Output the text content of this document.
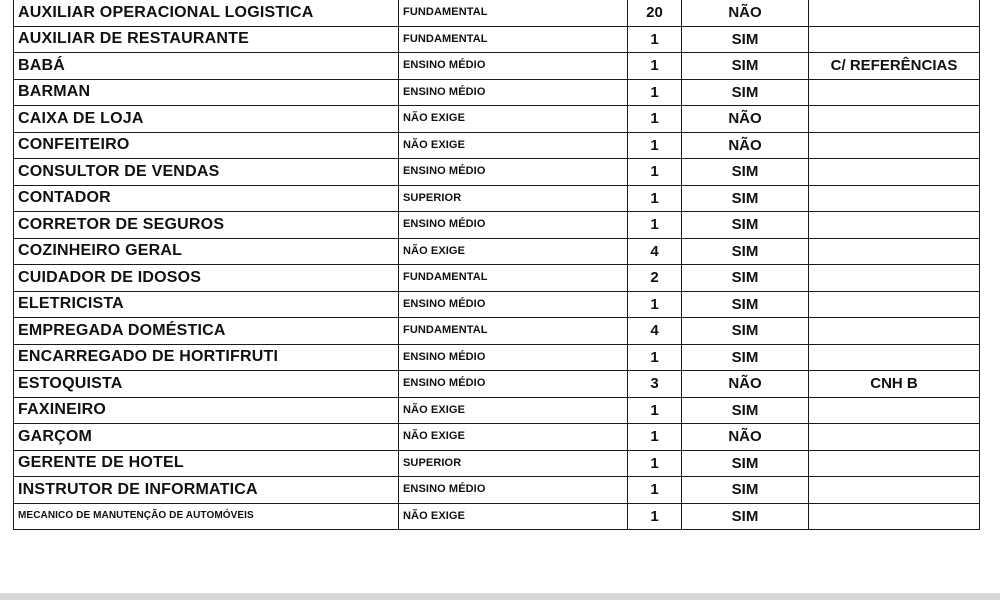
AUXILIAR OPERACIONAL LOGISTICA	FUNDAMENTAL	20	NÃO	
AUXILIAR DE RESTAURANTE	FUNDAMENTAL	1	SIM	
BABÁ	ENSINO MÉDIO	1	SIM	C/ REFERÊNCIAS
BARMAN	ENSINO MÉDIO	1	SIM	
CAIXA DE LOJA	NÃO EXIGE	1	NÃO	
CONFEITEIRO	NÃO EXIGE	1	NÃO	
CONSULTOR DE VENDAS	ENSINO MÉDIO	1	SIM	
CONTADOR	SUPERIOR	1	SIM	
CORRETOR DE SEGUROS	ENSINO MÉDIO	1	SIM	
COZINHEIRO GERAL	NÃO EXIGE	4	SIM	
CUIDADOR DE IDOSOS	FUNDAMENTAL	2	SIM	
ELETRICISTA	ENSINO MÉDIO	1	SIM	
EMPREGADA DOMÉSTICA	FUNDAMENTAL	4	SIM	
ENCARREGADO DE HORTIFRUTI	ENSINO MÉDIO	1	SIM	
ESTOQUISTA	ENSINO MÉDIO	3	NÃO	CNH B
FAXINEIRO	NÃO EXIGE	1	SIM	
GARÇOM	NÃO EXIGE	1	NÃO	
GERENTE DE HOTEL	SUPERIOR	1	SIM	
INSTRUTOR DE INFORMATICA	ENSINO MÉDIO	1	SIM	
MECANICO DE MANUTENÇÃO DE AUTOMÓVEIS	NÃO EXIGE	1	SIM	
